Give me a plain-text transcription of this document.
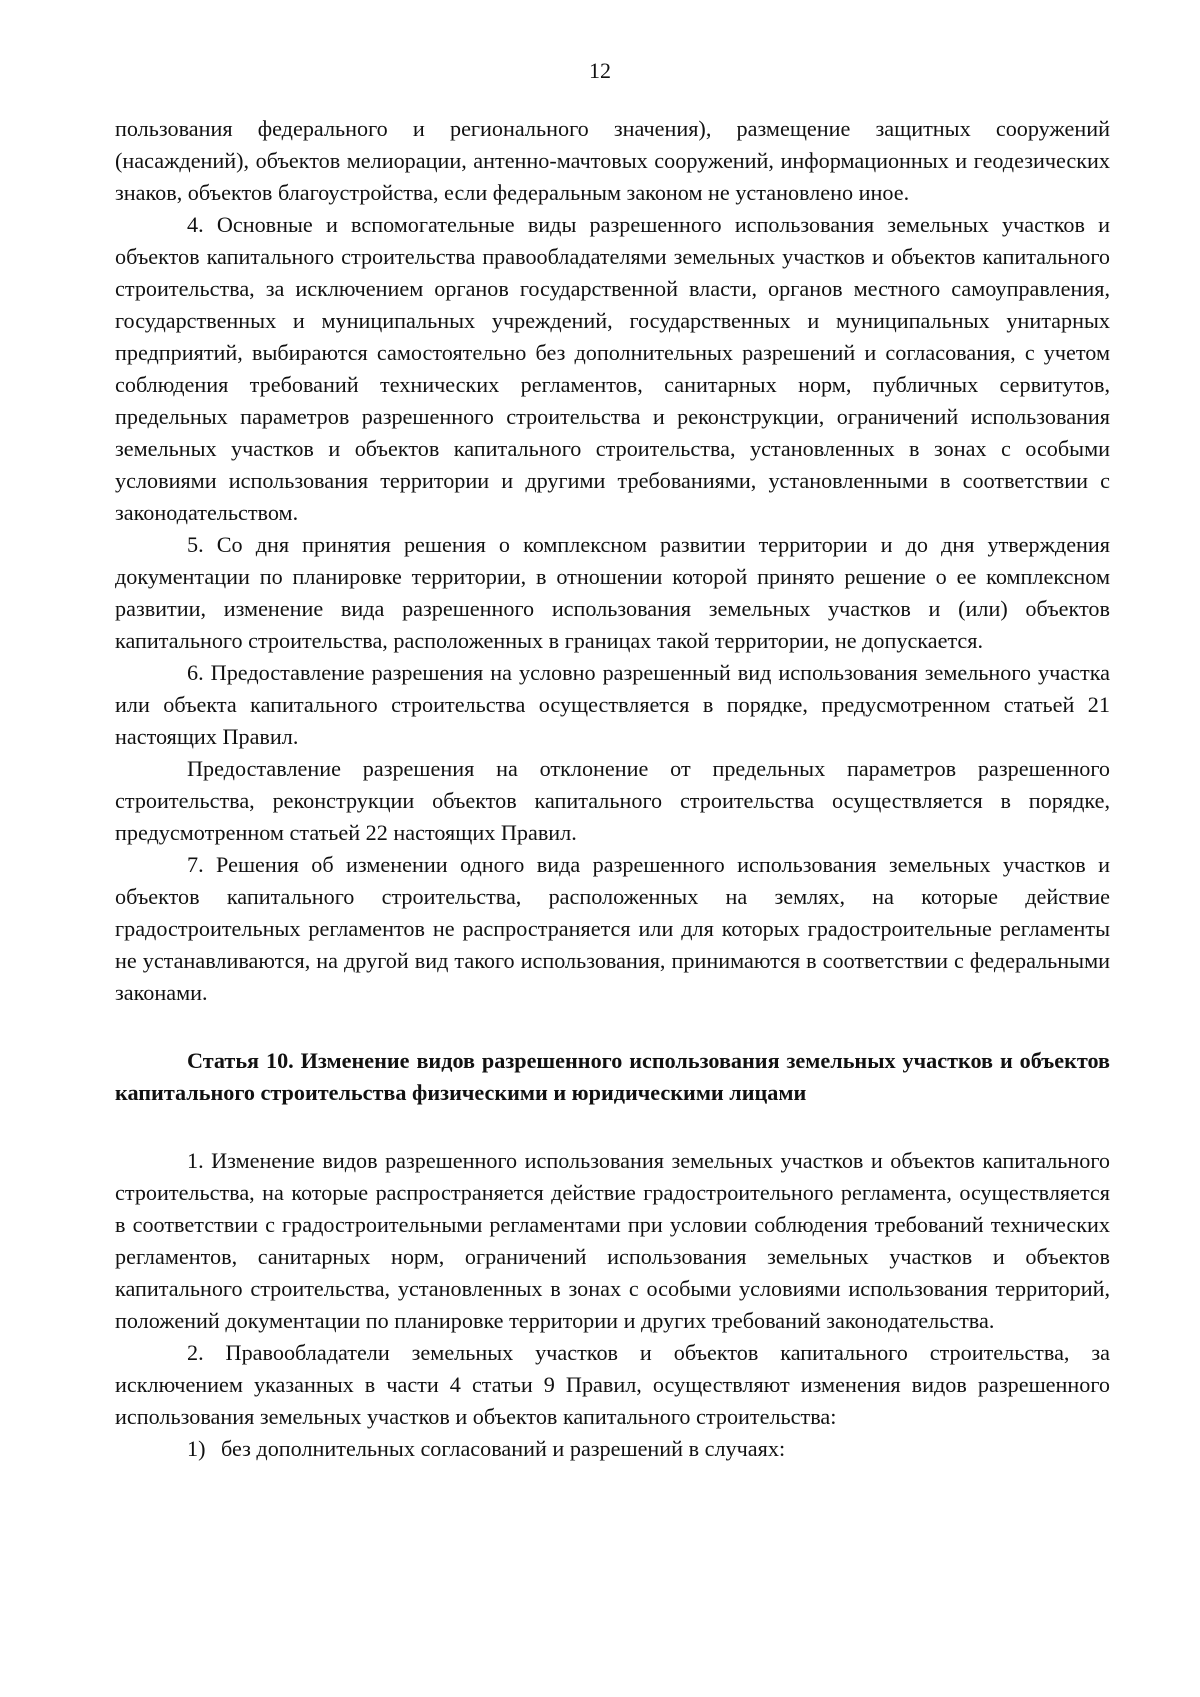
12

пользования федерального и регионального значения), размещение защитных сооружений (насаждений), объектов мелиорации, антенно-мачтовых сооружений, информационных и геодезических знаков, объектов благоустройства, если федеральным законом не установлено иное.

4. Основные и вспомогательные виды разрешенного использования земельных участков и объектов капитального строительства правообладателями земельных участков и объектов капитального строительства, за исключением органов государственной власти, органов местного самоуправления, государственных и муниципальных учреждений, государственных и муниципальных унитарных предприятий, выбираются самостоятельно без дополнительных разрешений и согласования, с учетом соблюдения требований технических регламентов, санитарных норм, публичных сервитутов, предельных параметров разрешенного строительства и реконструкции, ограничений использования земельных участков и объектов капитального строительства, установленных в зонах с особыми условиями использования территории и другими требованиями, установленными в соответствии с законодательством.

5. Со дня принятия решения о комплексном развитии территории и до дня утверждения документации по планировке территории, в отношении которой принято решение о ее комплексном развитии, изменение вида разрешенного использования земельных участков и (или) объектов капитального строительства, расположенных в границах такой территории, не допускается.

6. Предоставление разрешения на условно разрешенный вид использования земельного участка или объекта капитального строительства осуществляется в порядке, предусмотренном статьей 21 настоящих Правил.

Предоставление разрешения на отклонение от предельных параметров разрешенного строительства, реконструкции объектов капитального строительства осуществляется в порядке, предусмотренном статьей 22 настоящих Правил.

7. Решения об изменении одного вида разрешенного использования земельных участков и объектов капитального строительства, расположенных на землях, на которые действие градостроительных регламентов не распространяется или для которых градостроительные регламенты не устанавливаются, на другой вид такого использования, принимаются в соответствии с федеральными законами.

Статья 10. Изменение видов разрешенного использования земельных участков и объектов капитального строительства физическими и юридическими лицами

1. Изменение видов разрешенного использования земельных участков и объектов капитального строительства, на которые распространяется действие градостроительного регламента, осуществляется в соответствии с градостроительными регламентами при условии соблюдения требований технических регламентов, санитарных норм, ограничений использования земельных участков и объектов капитального строительства, установленных в зонах с особыми условиями использования территорий, положений документации по планировке территории и других требований законодательства.

2. Правообладатели земельных участков и объектов капитального строительства, за исключением указанных в части 4 статьи 9 Правил, осуществляют изменения видов разрешенного использования земельных участков и объектов капитального строительства:

1) без дополнительных согласований и разрешений в случаях:
